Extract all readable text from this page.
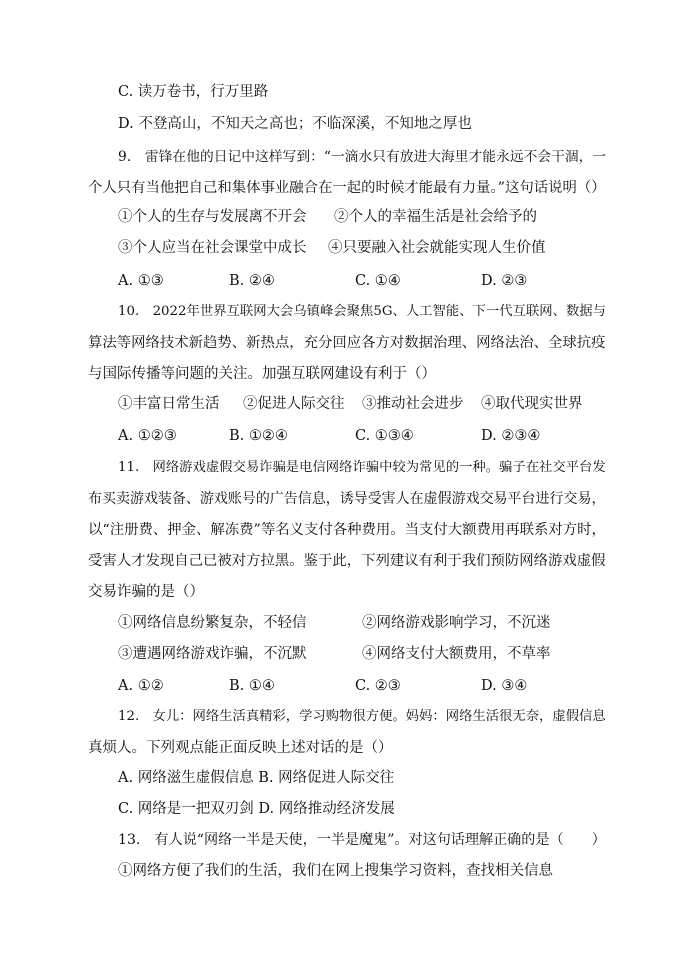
C. 读万卷书，行万里路
D. 不登高山，不知天之高也；不临深溪，不知地之厚也
9.　雷锋在他的日记中这样写到：“一滴水只有放进大海里才能永远不会干涸，一
个人只有当他把自己和集体事业融合在一起的时候才能最有力量。”这句话说明（）
①个人的生存与发展离不开会 ②个人的幸福生活是社会给予的
③个人应当在社会课堂中成长 ④只要融入社会就能实现人生价值
A. ①③	B. ②④	C. ①④	D. ②③
10.　2022年世界互联网大会乌镇峰会聚焦5G、人工智能、下一代互联网、数据与
算法等网络技术新趋势、新热点，充分回应各方对数据治理、网络法治、全球抗疫
与国际传播等问题的关注。加强互联网建设有利于（）
①丰富日常生活 ②促进人际交往 ③推动社会进步 ④取代现实世界
A. ①②③	B. ①②④	C. ①③④	D. ②③④
11.　网络游戏虚假交易诈骗是电信网络诈骗中较为常见的一种。骗子在社交平台发
布买卖游戏装备、游戏账号的广告信息，诱导受害人在虚假游戏交易平台进行交易，
以“注册费、押金、解冻费”等名义支付各种费用。当支付大额费用再联系对方时，
受害人才发现自己已被对方拉黑。鉴于此，下列建议有利于我们预防网络游戏虚假
交易诈骗的是（）
①网络信息纷繁复杂，不轻信	②网络游戏影响学习，不沉迷
③遭遇网络游戏诈骗，不沉默	④网络支付大额费用，不草率
A. ①②	B. ①④	C. ②③	D. ③④
12.　女儿：网络生活真精彩，学习购物很方便。妈妈：网络生活很无奈，虚假信息
真烦人。下列观点能正面反映上述对话的是（）
A. 网络滋生虚假信息 B. 网络促进人际交往
C. 网络是一把双刃剑 D. 网络推动经济发展
13.　有人说“网络一半是天使，一半是魔鬼”。对这句话理解正确的是（　　）
①网络方便了我们的生活，我们在网上搜集学习资料，查找相关信息
